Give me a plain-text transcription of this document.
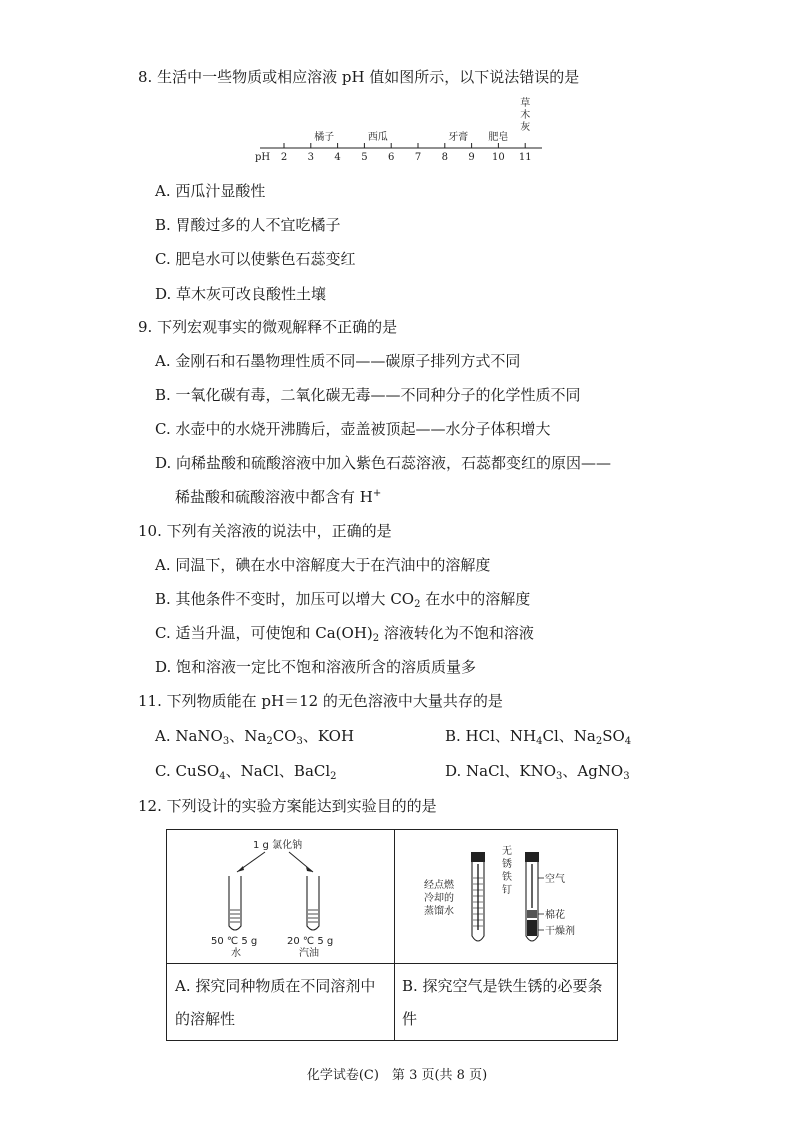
8. 生活中一些物质或相应溶液 pH 值如图所示，以下说法错误的是
pH 2 3 4 5 6 7 8 9 10 11
橘子	西瓜	牙膏 肥皂
草
木
灰
A. 西瓜汁显酸性
B. 胃酸过多的人不宜吃橘子
C. 肥皂水可以使紫色石蕊变红
D. 草木灰可改良酸性土壤
9. 下列宏观事实的微观解释不正确的是
A. 金刚石和石墨物理性质不同——碳原子排列方式不同
B. 一氧化碳有毒，二氧化碳无毒——不同种分子的化学性质不同
C. 水壶中的水烧开沸腾后，壶盖被顶起——水分子体积增大
D. 向稀盐酸和硫酸溶液中加入紫色石蕊溶液，石蕊都变红的原因——
稀盐酸和硫酸溶液中都含有 H+
10. 下列有关溶液的说法中，正确的是
A. 同温下，碘在水中溶解度大于在汽油中的溶解度
B. 其他条件不变时，加压可以增大 $CO_2$ 在水中的溶解度
C. 适当升温，可使饱和 $Ca(OH)_2$ 溶液转化为不饱和溶液
D. 饱和溶液一定比不饱和溶液所含的溶质质量多
11. 下列物质能在 pH＝12 的无色溶液中大量共存的是
A. NaNO$_3$、$Na_2CO_3$、KOH	B. HCl、$NH_4Cl$、$Na_2SO_4$
C. CuSO$_4$、NaCl、BaCl$_2$	D. NaCl、$KNO_3$、AgNO$_3$
12. 下列设计的实验方案能达到实验目的的是
1 g 氯化钠
50 ℃ 5 g
水
20 ℃ 5 g
汽油
经点燃
冷却的
蒸馏水
无
锈
铁
钉
空气
棉花
干燥剂
A. 探究同种物质在不同溶剂中的溶解性
B. 探究空气是铁生锈的必要条件
化学试卷(C)　第 3 页(共 8 页)
